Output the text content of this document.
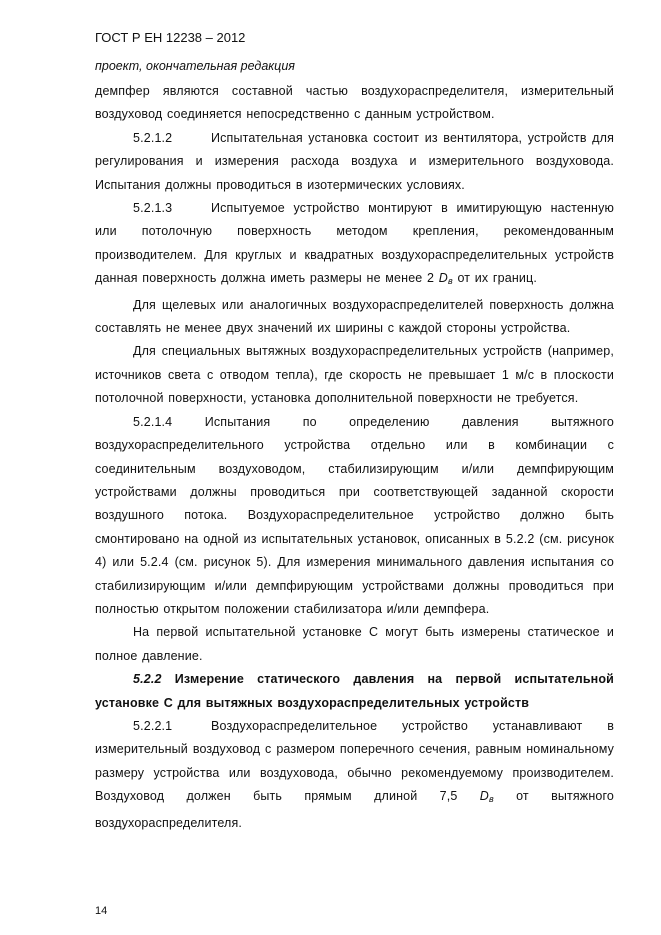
ГОСТ Р ЕН 12238 – 2012
проект, окончательная редакция

демпфер являются составной частью воздухораспределителя, измерительный воздуховод соединяется непосредственно с данным устройством.

5.2.1.2	Испытательная установка состоит из вентилятора, устройств для регулирования и измерения расхода воздуха и измерительного воздуховода. Испытания должны проводиться в изотермических условиях.

5.2.1.3	Испытуемое устройство монтируют в имитирующую настенную или потолочную поверхность методом крепления, рекомендованным производителем. Для круглых и квадратных воздухораспределительных устройств данная поверхность должна иметь размеры не менее 2 $D_в$ от их границ.

Для щелевых или аналогичных воздухораспределителей поверхность должна составлять не менее двух значений их ширины с каждой стороны устройства.

Для специальных вытяжных воздухораспределительных устройств (например, источников света с отводом тепла), где скорость не превышает 1 м/с в плоскости потолочной поверхности, установка дополнительной поверхности не требуется.

5.2.1.4	Испытания по определению давления вытяжного воздухораспределительного устройства отдельно или в комбинации с соединительным воздуховодом, стабилизирующим и/или демпфирующим устройствами должны проводиться при соответствующей заданной скорости воздушного потока. Воздухораспределительное устройство должно быть смонтировано на одной из испытательных установок, описанных в 5.2.2 (см. рисунок 4) или 5.2.4 (см. рисунок 5). Для измерения минимального давления испытания со стабилизирующим и/или демпфирующим устройствами должны проводиться при полностью открытом положении стабилизатора и/или демпфера.

На первой испытательной установке C могут быть измерены статическое и полное давление.

5.2.2 Измерение статического давления на первой испытательной установке C для вытяжных воздухораспределительных устройств

5.2.2.1	Воздухораспределительное устройство устанавливают в измерительный воздуховод с размером поперечного сечения, равным номинальному размеру устройства или воздуховода, обычно рекомендуемому производителем. Воздуховод должен быть прямым длиной 7,5 $D_в$ от вытяжного воздухораспределителя.

14
